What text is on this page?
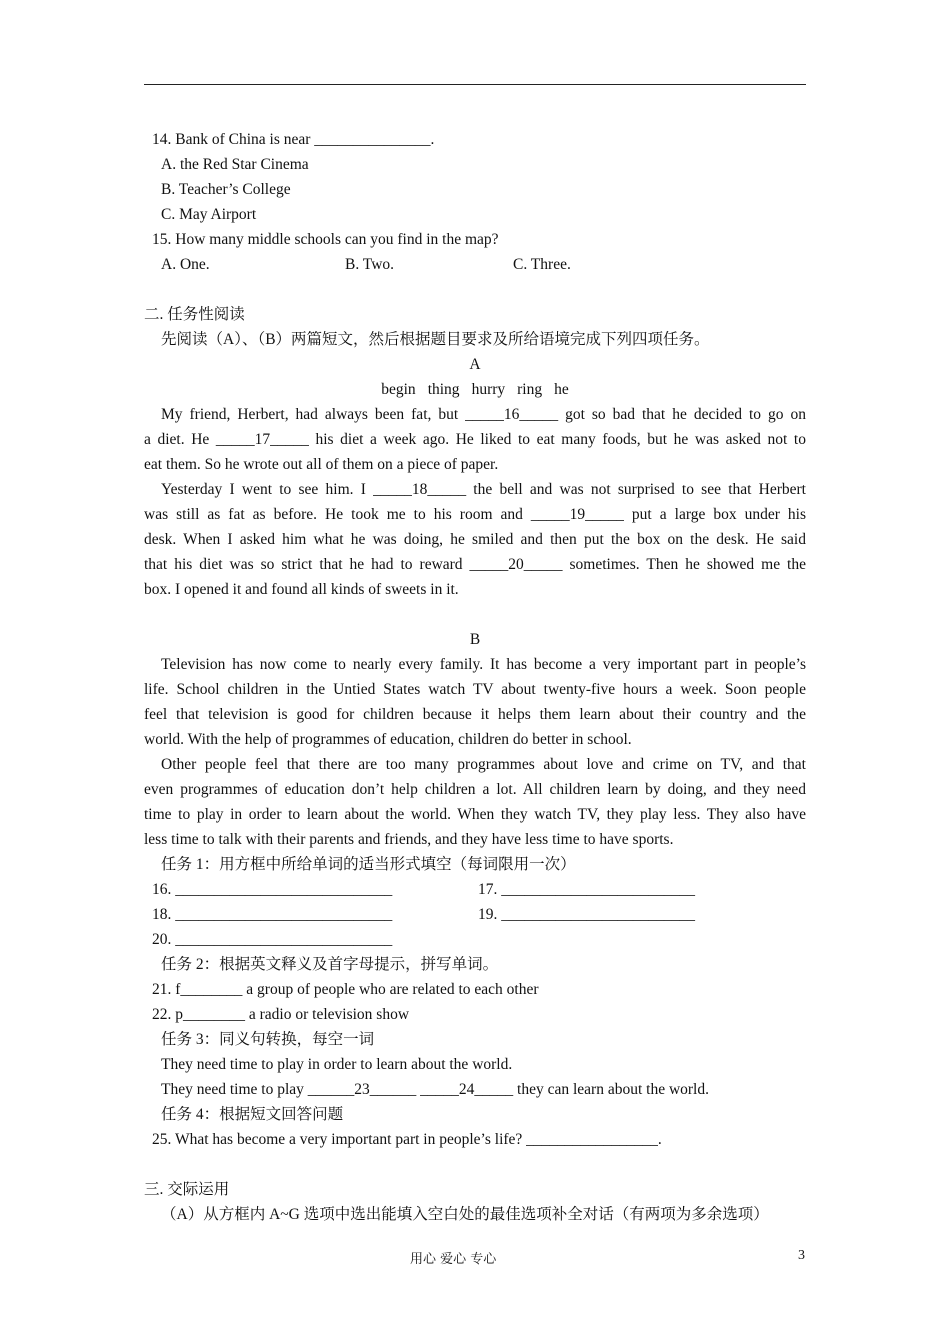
14. Bank of China is near _______________.
A. the Red Star Cinema
B. Teacher’s College
C. May Airport
15. How many middle schools can you find in the map?
A. One.	B. Two.	C. Three.
二. 任务性阅读
先阅读（A）、（B）两篇短文，然后根据题目要求及所给语境完成下列四项任务。
A
begin thing hurry ring he
My friend, Herbert, had always been fat, but _____16_____ got so bad that he decided to go on
a diet. He _____17_____ his diet a week ago. He liked to eat many foods, but he was asked not to
eat them. So he wrote out all of them on a piece of paper.
Yesterday I went to see him. I _____18_____ the bell and was not surprised to see that Herbert
was still as fat as before. He took me to his room and _____19_____ put a large box under his
desk. When I asked him what he was doing, he smiled and then put the box on the desk. He said
that his diet was so strict that he had to reward _____20_____ sometimes. Then he showed me the
box. I opened it and found all kinds of sweets in it.
B
Television has now come to nearly every family. It has become a very important part in people’s
life. School children in the Untied States watch TV about twenty-five hours a week. Soon people
feel that television is good for children because it helps them learn about their country and the
world. With the help of programmes of education, children do better in school.
Other people feel that there are too many programmes about love and crime on TV, and that
even programmes of education don’t help children a lot. All children learn by doing, and they need
time to play in order to learn about the world. When they watch TV, they play less. They also have
less time to talk with their parents and friends, and they have less time to have sports.
任务 1：用方框中所给单词的适当形式填空（每词限用一次）
16. ____________________________	17. _________________________
18. ____________________________	19. _________________________
20. ____________________________
任务 2：根据英文释义及首字母提示，拼写单词。
21. f________ a group of people who are related to each other
22. p________ a radio or television show
任务 3：同义句转换，每空一词
They need time to play in order to learn about the world.
They need time to play ______23______ _____24_____ they can learn about the world.
任务 4：根据短文回答问题
25. What has become a very important part in people’s life? _________________.
三. 交际运用
（A）从方框内 A~G 选项中选出能填入空白处的最佳选项补全对话（有两项为多余选项）
用心 爱心 专心	3
